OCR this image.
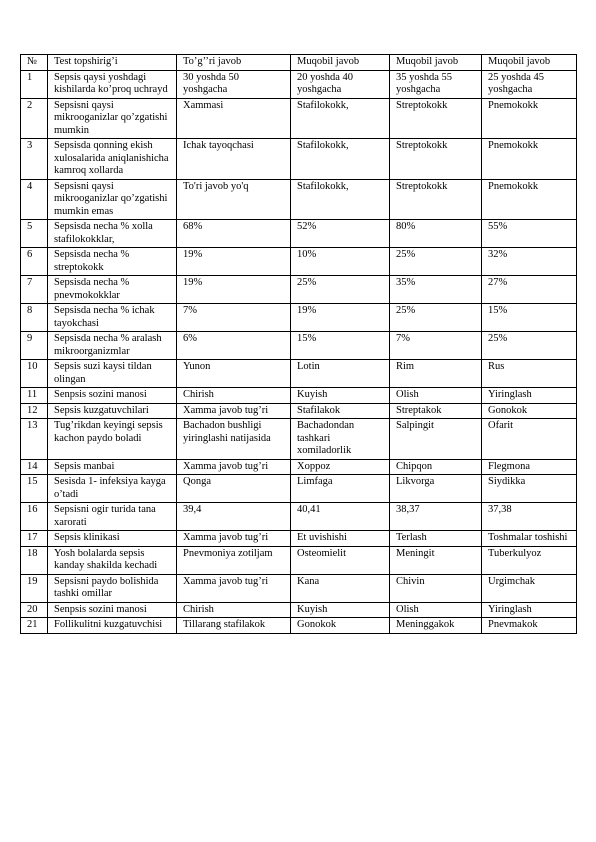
№	Test topshirig’i	To’g’’ri javob	Muqobil javob	Muqobil javob	Muqobil javob
1	Sepsis qaysi yoshdagi kishilarda ko’proq uchrayd	30 yoshda 50 yoshgacha	20 yoshda 40 yoshgacha	35 yoshda 55 yoshgacha	25 yoshda 45 yoshgacha
2	Sepsisni qaysi mikrooganizlar qo’zgatishi mumkin	Xammasi	Stafilokokk,	Streptokokk	Pnemokokk
3	Sepsisda qonning ekish xulosalarida aniqlanishicha kamroq xollarda	Ichak tayoqchasi	Stafilokokk,	Streptokokk	Pnemokokk
4	Sepsisni qaysi mikrooganizlar qo’zgatishi mumkin emas	To'ri javob yo'q	Stafilokokk,	Streptokokk	Pnemokokk
5	Sepsisda necha % xolla stafilokokklar,	68%	52%	80%	55%
6	Sepsisda necha % streptokokk	19%	10%	25%	32%
7	Sepsisda necha % pnevmokokklar	19%	25%	35%	27%
8	Sepsisda necha % ichak tayokchasi	7%	19%	25%	15%
9	Sepsisda necha % aralash mikroorganizmlar	6%	15%	7%	25%
10	Sepsis suzi kaysi tildan olingan	Yunon	Lotin	Rim	Rus
11	Senpsis sozini manosi	Chirish	Kuyish	Olish	Yiringlash
12	Sepsis kuzgatuvchilari	Xamma javob tug’ri	Stafilakok	Streptakok	Gonokok
13	Tug’rikdan keyingi sepsis kachon paydo boladi	Bachadon bushligi yiringlashi natijasida	Bachadondan tashkari xomiladorlik	Salpingit	Ofarit
14	Sepsis manbai	Xamma javob tug’ri	Xoppoz	Chipqon	Flegmona
15	Sesisda 1- infeksiya kayga o’tadi	Qonga	Limfaga	Likvorga	Siydikka
16	Sepsisni ogir turida tana xarorati	39,4	40,41	38,37	37,38
17	Sepsis klinikasi	Xamma javob tug’ri	Et uvishishi	Terlash	Toshmalar toshishi
18	Yosh bolalarda sepsis kanday shakilda kechadi	Pnevmoniya zotiljam	Osteomielit	Meningit	Tuberkulyoz
19	Sepsisni paydo bolishida tashki omillar	Xamma javob tug’ri	Kana	Chivin	Urgimchak
20	Senpsis sozini manosi	Chirish	Kuyish	Olish	Yiringlash
21	Follikulitni kuzgatuvchisi	Tillarang stafilakok	Gonokok	Meninggakok	Pnevmakok
